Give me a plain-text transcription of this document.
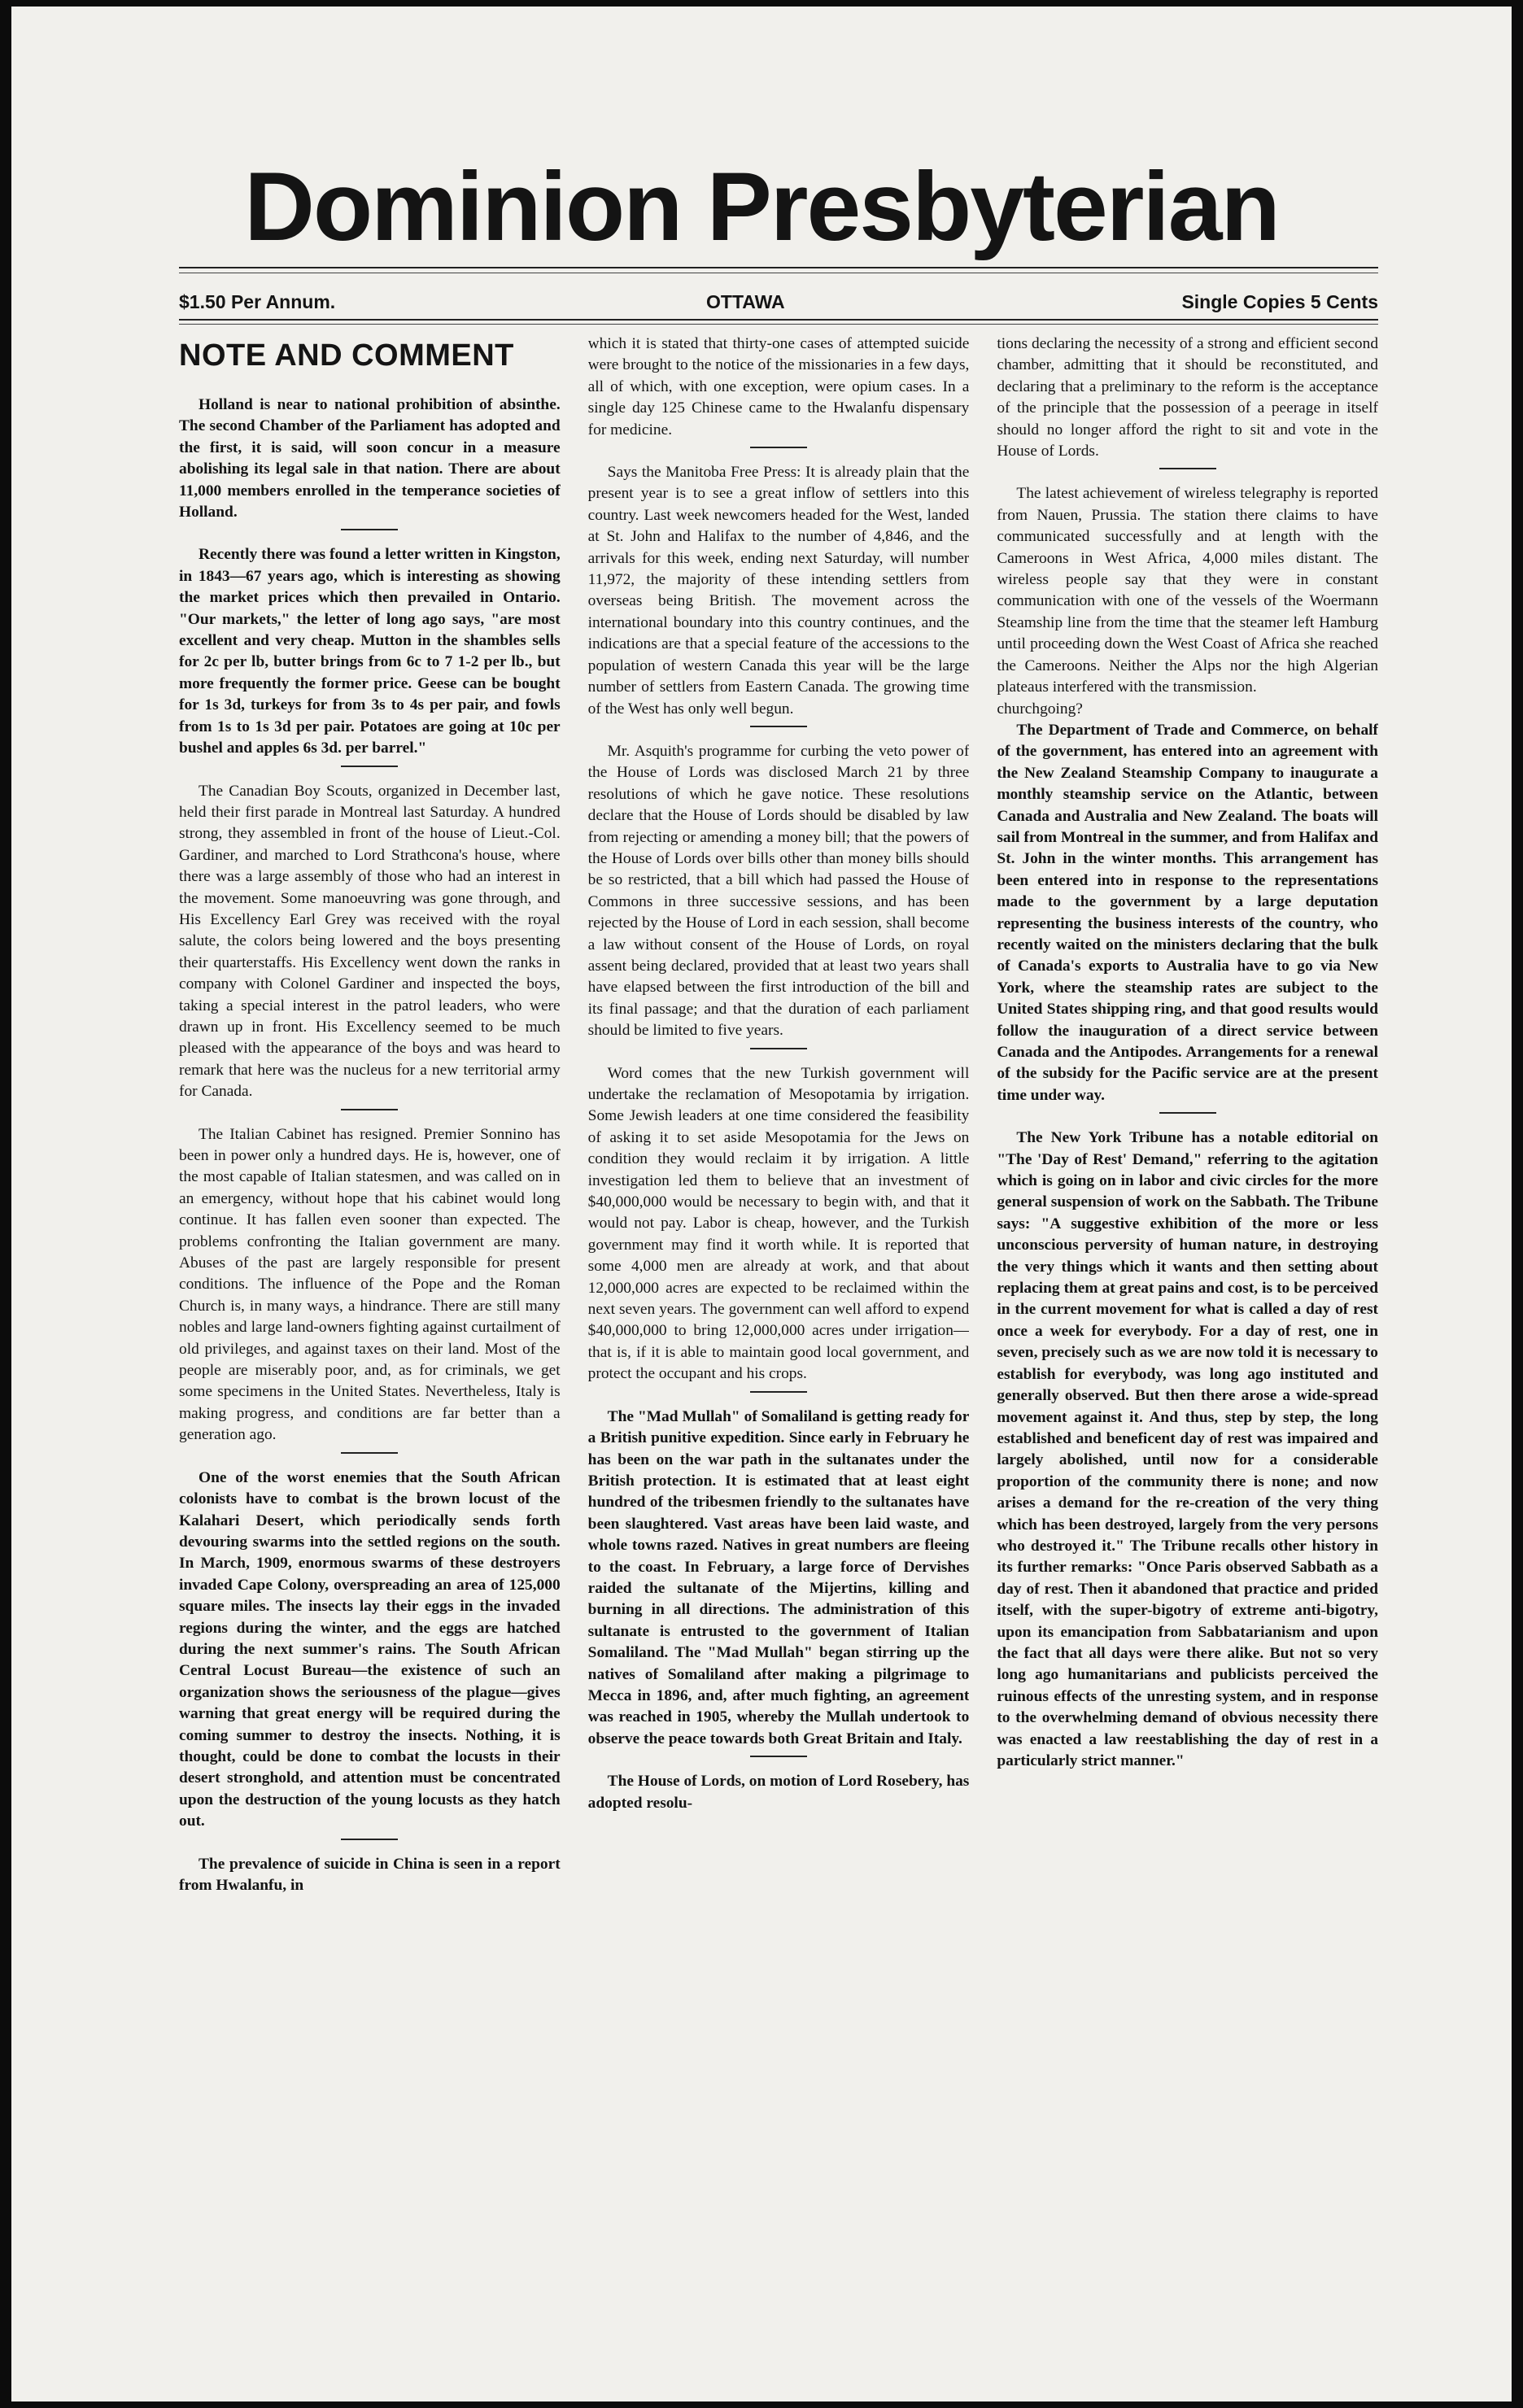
Dominion Presbyterian
$1.50 Per Annum.	OTTAWA	Single Copies 5 Cents
NOTE AND COMMENT

Holland is near to national prohibition of absinthe. The second Chamber of the Parliament has adopted and the first, it is said, will soon concur in a measure abolishing its legal sale in that nation. There are about 11,000 members enrolled in the temperance societies of Holland.

Recently there was found a letter written in Kingston, in 1843—67 years ago, which is interesting as showing the market prices which then prevailed in Ontario. "Our markets," the letter of long ago says, "are most excellent and very cheap. Mutton in the shambles sells for 2c per lb, butter brings from 6c to 7 1-2 per lb., but more frequently the former price. Geese can be bought for 1s 3d, turkeys for from 3s to 4s per pair, and fowls from 1s to 1s 3d per pair. Potatoes are going at 10c per bushel and apples 6s 3d. per barrel."

The Canadian Boy Scouts, organized in December last, held their first parade in Montreal last Saturday. A hundred strong, they assembled in front of the house of Lieut.-Col. Gardiner, and marched to Lord Strathcona's house, where there was a large assembly of those who had an interest in the movement. Some manoeuvring was gone through, and His Excellency Earl Grey was received with the royal salute, the colors being lowered and the boys presenting their quarterstaffs. His Excellency went down the ranks in company with Colonel Gardiner and inspected the boys, taking a special interest in the patrol leaders, who were drawn up in front. His Excellency seemed to be much pleased with the appearance of the boys and was heard to remark that here was the nucleus for a new territorial army for Canada.

The Italian Cabinet has resigned. Premier Sonnino has been in power only a hundred days. He is, however, one of the most capable of Italian statesmen, and was called on in an emergency, without hope that his cabinet would long continue. It has fallen even sooner than expected. The problems confronting the Italian government are many. Abuses of the past are largely responsible for present conditions. The influence of the Pope and the Roman Church is, in many ways, a hindrance. There are still many nobles and large land-owners fighting against curtailment of old privileges, and against taxes on their land. Most of the people are miserably poor, and, as for criminals, we get some specimens in the United States. Nevertheless, Italy is making progress, and conditions are far better than a generation ago.

One of the worst enemies that the South African colonists have to combat is the brown locust of the Kalahari Desert, which periodically sends forth devouring swarms into the settled regions on the south. In March, 1909, enormous swarms of these destroyers invaded Cape Colony, overspreading an area of 125,000 square miles. The insects lay their eggs in the invaded regions during the winter, and the eggs are hatched during the next summer's rains. The South African Central Locust Bureau—the existence of such an organization shows the seriousness of the plague—gives warning that great energy will be required during the coming summer to destroy the insects. Nothing, it is thought, could be done to combat the locusts in their desert stronghold, and attention must be concentrated upon the destruction of the young locusts as they hatch out.

The prevalence of suicide in China is seen in a report from Hwalanfu, in

which it is stated that thirty-one cases of attempted suicide were brought to the notice of the missionaries in a few days, all of which, with one exception, were opium cases. In a single day 125 Chinese came to the Hwalanfu dispensary for medicine.

Says the Manitoba Free Press: It is already plain that the present year is to see a great inflow of settlers into this country. Last week newcomers headed for the West, landed at St. John and Halifax to the number of 4,846, and the arrivals for this week, ending next Saturday, will number 11,972, the majority of these intending settlers from overseas being British. The movement across the international boundary into this country continues, and the indications are that a special feature of the accessions to the population of western Canada this year will be the large number of settlers from Eastern Canada. The growing time of the West has only well begun.

Mr. Asquith's programme for curbing the veto power of the House of Lords was disclosed March 21 by three resolutions of which he gave notice. These resolutions declare that the House of Lords should be disabled by law from rejecting or amending a money bill; that the powers of the House of Lords over bills other than money bills should be so restricted, that a bill which had passed the House of Commons in three successive sessions, and has been rejected by the House of Lord in each session, shall become a law without consent of the House of Lords, on royal assent being declared, provided that at least two years shall have elapsed between the first introduction of the bill and its final passage; and that the duration of each parliament should be limited to five years.

Word comes that the new Turkish government will undertake the reclamation of Mesopotamia by irrigation. Some Jewish leaders at one time considered the feasibility of asking it to set aside Mesopotamia for the Jews on condition they would reclaim it by irrigation. A little investigation led them to believe that an investment of $40,000,000 would be necessary to begin with, and that it would not pay. Labor is cheap, however, and the Turkish government may find it worth while. It is reported that some 4,000 men are already at work, and that about 12,000,000 acres are expected to be reclaimed within the next seven years. The government can well afford to expend $40,000,000 to bring 12,000,000 acres under irrigation—that is, if it is able to maintain good local government, and protect the occupant and his crops.

The "Mad Mullah" of Somaliland is getting ready for a British punitive expedition. Since early in February he has been on the war path in the sultanates under the British protection. It is estimated that at least eight hundred of the tribesmen friendly to the sultanates have been slaughtered. Vast areas have been laid waste, and whole towns razed. Natives in great numbers are fleeing to the coast. In February, a large force of Dervishes raided the sultanate of the Mijertins, killing and burning in all directions. The administration of this sultanate is entrusted to the government of Italian Somaliland. The "Mad Mullah" began stirring up the natives of Somaliland after making a pilgrimage to Mecca in 1896, and, after much fighting, an agreement was reached in 1905, whereby the Mullah undertook to observe the peace towards both Great Britain and Italy.

The House of Lords, on motion of Lord Rosebery, has adopted resolu-

tions declaring the necessity of a strong and efficient second chamber, admitting that it should be reconstituted, and declaring that a preliminary to the reform is the acceptance of the principle that the possession of a peerage in itself should no longer afford the right to sit and vote in the House of Lords.

The latest achievement of wireless telegraphy is reported from Nauen, Prussia. The station there claims to have communicated successfully and at length with the Cameroons in West Africa, 4,000 miles distant. The wireless people say that they were in constant communication with one of the vessels of the Woermann Steamship line from the time that the steamer left Hamburg until proceeding down the West Coast of Africa she reached the Cameroons. Neither the Alps nor the high Algerian plateaus interfered with the transmission.

churchgoing?

The Department of Trade and Commerce, on behalf of the government, has entered into an agreement with the New Zealand Steamship Company to inaugurate a monthly steamship service on the Atlantic, between Canada and Australia and New Zealand. The boats will sail from Montreal in the summer, and from Halifax and St. John in the winter months. This arrangement has been entered into in response to the representations made to the government by a large deputation representing the business interests of the country, who recently waited on the ministers declaring that the bulk of Canada's exports to Australia have to go via New York, where the steamship rates are subject to the United States shipping ring, and that good results would follow the inauguration of a direct service between Canada and the Antipodes. Arrangements for a renewal of the subsidy for the Pacific service are at the present time under way.

The New York Tribune has a notable editorial on "The 'Day of Rest' Demand," referring to the agitation which is going on in labor and civic circles for the more general suspension of work on the Sabbath. The Tribune says: "A suggestive exhibition of the more or less unconscious perversity of human nature, in destroying the very things which it wants and then setting about replacing them at great pains and cost, is to be perceived in the current movement for what is called a day of rest once a week for everybody. For a day of rest, one in seven, precisely such as we are now told it is necessary to establish for everybody, was long ago instituted and generally observed. But then there arose a wide-spread movement against it. And thus, step by step, the long established and beneficent day of rest was impaired and largely abolished, until now for a considerable proportion of the community there is none; and now arises a demand for the re-creation of the very thing which has been destroyed, largely from the very persons who destroyed it." The Tribune recalls other history in its further remarks: "Once Paris observed Sabbath as a day of rest. Then it abandoned that practice and prided itself, with the super-bigotry of extreme anti-bigotry, upon its emancipation from Sabbatarianism and upon the fact that all days were there alike. But not so very long ago humanitarians and publicists perceived the ruinous effects of the unresting system, and in response to the overwhelming demand of obvious necessity there was enacted a law reestablishing the day of rest in a particularly strict manner."
